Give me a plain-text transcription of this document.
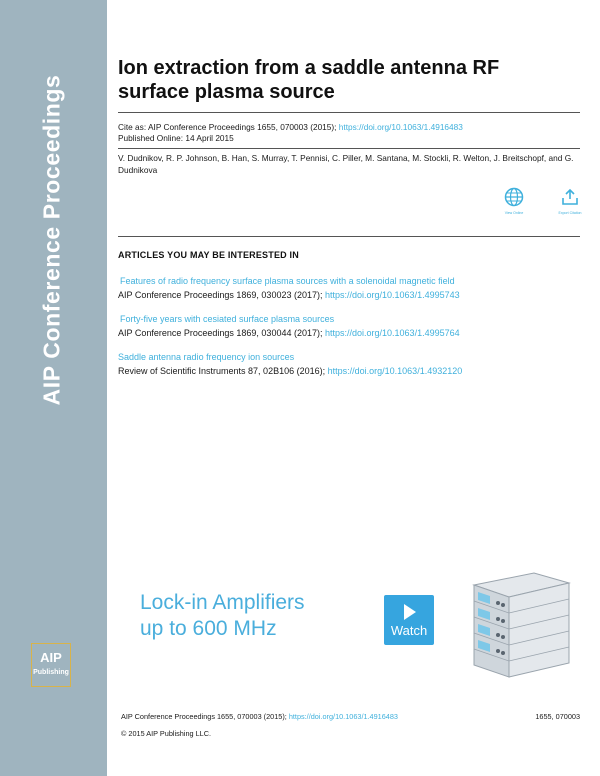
AIP Conference Proceedings
AIP
Publishing
Ion extraction from a saddle antenna RF surface plasma source
Cite as: AIP Conference Proceedings 1655, 070003 (2015); https://doi.org/10.1063/1.4916483
Published Online: 14 April 2015
V. Dudnikov, R. P. Johnson, B. Han, S. Murray, T. Pennisi, C. Piller, M. Santana, M. Stockli, R. Welton, J. Breitschopf, and G. Dudnikova
View Online	Export Citation
ARTICLES YOU MAY BE INTERESTED IN
Features of radio frequency surface plasma sources with a solenoidal magnetic field
AIP Conference Proceedings 1869, 030023 (2017); https://doi.org/10.1063/1.4995743
Forty-five years with cesiated surface plasma sources
AIP Conference Proceedings 1869, 030044 (2017); https://doi.org/10.1063/1.4995764
Saddle antenna radio frequency ion sources
Review of Scientific Instruments 87, 02B106 (2016); https://doi.org/10.1063/1.4932120
Lock-in Amplifiers
up to 600 MHz	Watch
AIP Conference Proceedings 1655, 070003 (2015); https://doi.org/10.1063/1.4916483	1655, 070003
© 2015 AIP Publishing LLC.
